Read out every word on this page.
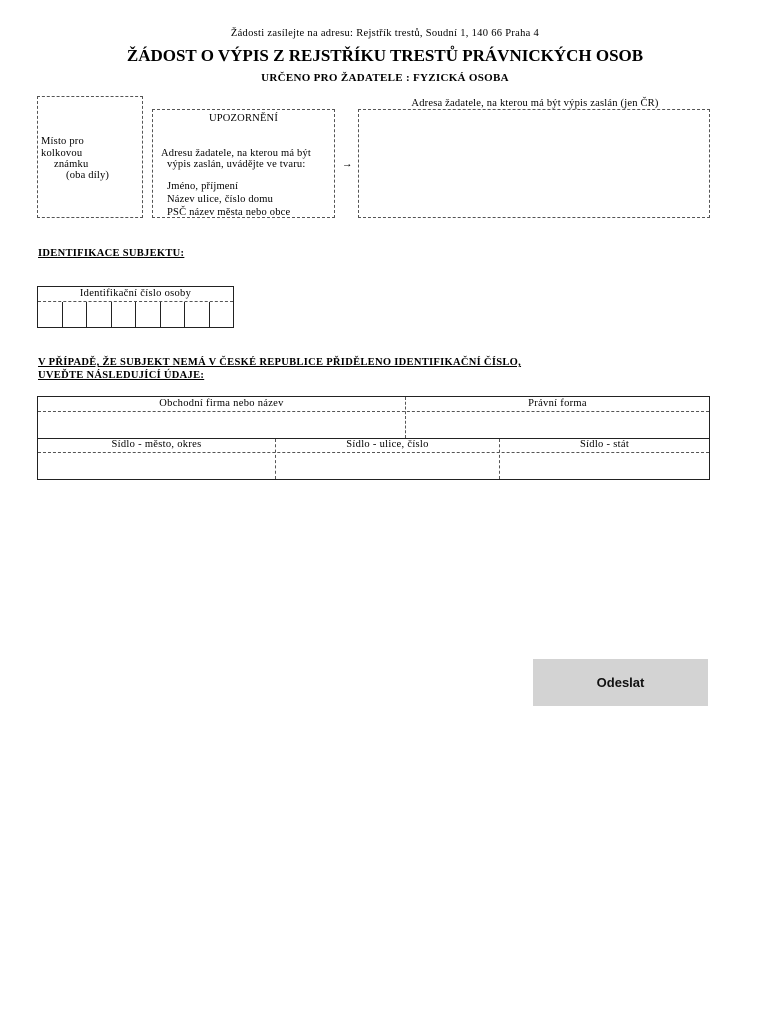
Žádosti zasílejte na adresu: Rejstřík trestů, Soudní 1, 140 66 Praha 4
ŽÁDOST O VÝPIS Z REJSTŘÍKU TRESTŮ PRÁVNICKÝCH OSOB
URČENO PRO ŽADATELE : FYZICKÁ OSOBA
Místo pro
kolkovou
známku
(oba díly)
UPOZORNĚNÍ
Adresu žadatele, na kterou má být
výpis zaslán, uvádějte ve tvaru:
Jméno, příjmení
Název ulice, číslo domu
PSČ název města nebo obce
→
Adresa žadatele, na kterou má být výpis zaslán (jen ČR)
IDENTIFIKACE SUBJEKTU:
Identifikační číslo osoby
V PŘÍPADĚ, ŽE SUBJEKT NEMÁ V ČESKÉ REPUBLICE PŘIDĚLENO IDENTIFIKAČNÍ ČÍSLO,
UVEĎTE NÁSLEDUJÍCÍ ÚDAJE:
Obchodní firma nebo název	Právní forma
Sídlo - město, okres	Sídlo - ulice, číslo	Sídlo - stát
Odeslat
